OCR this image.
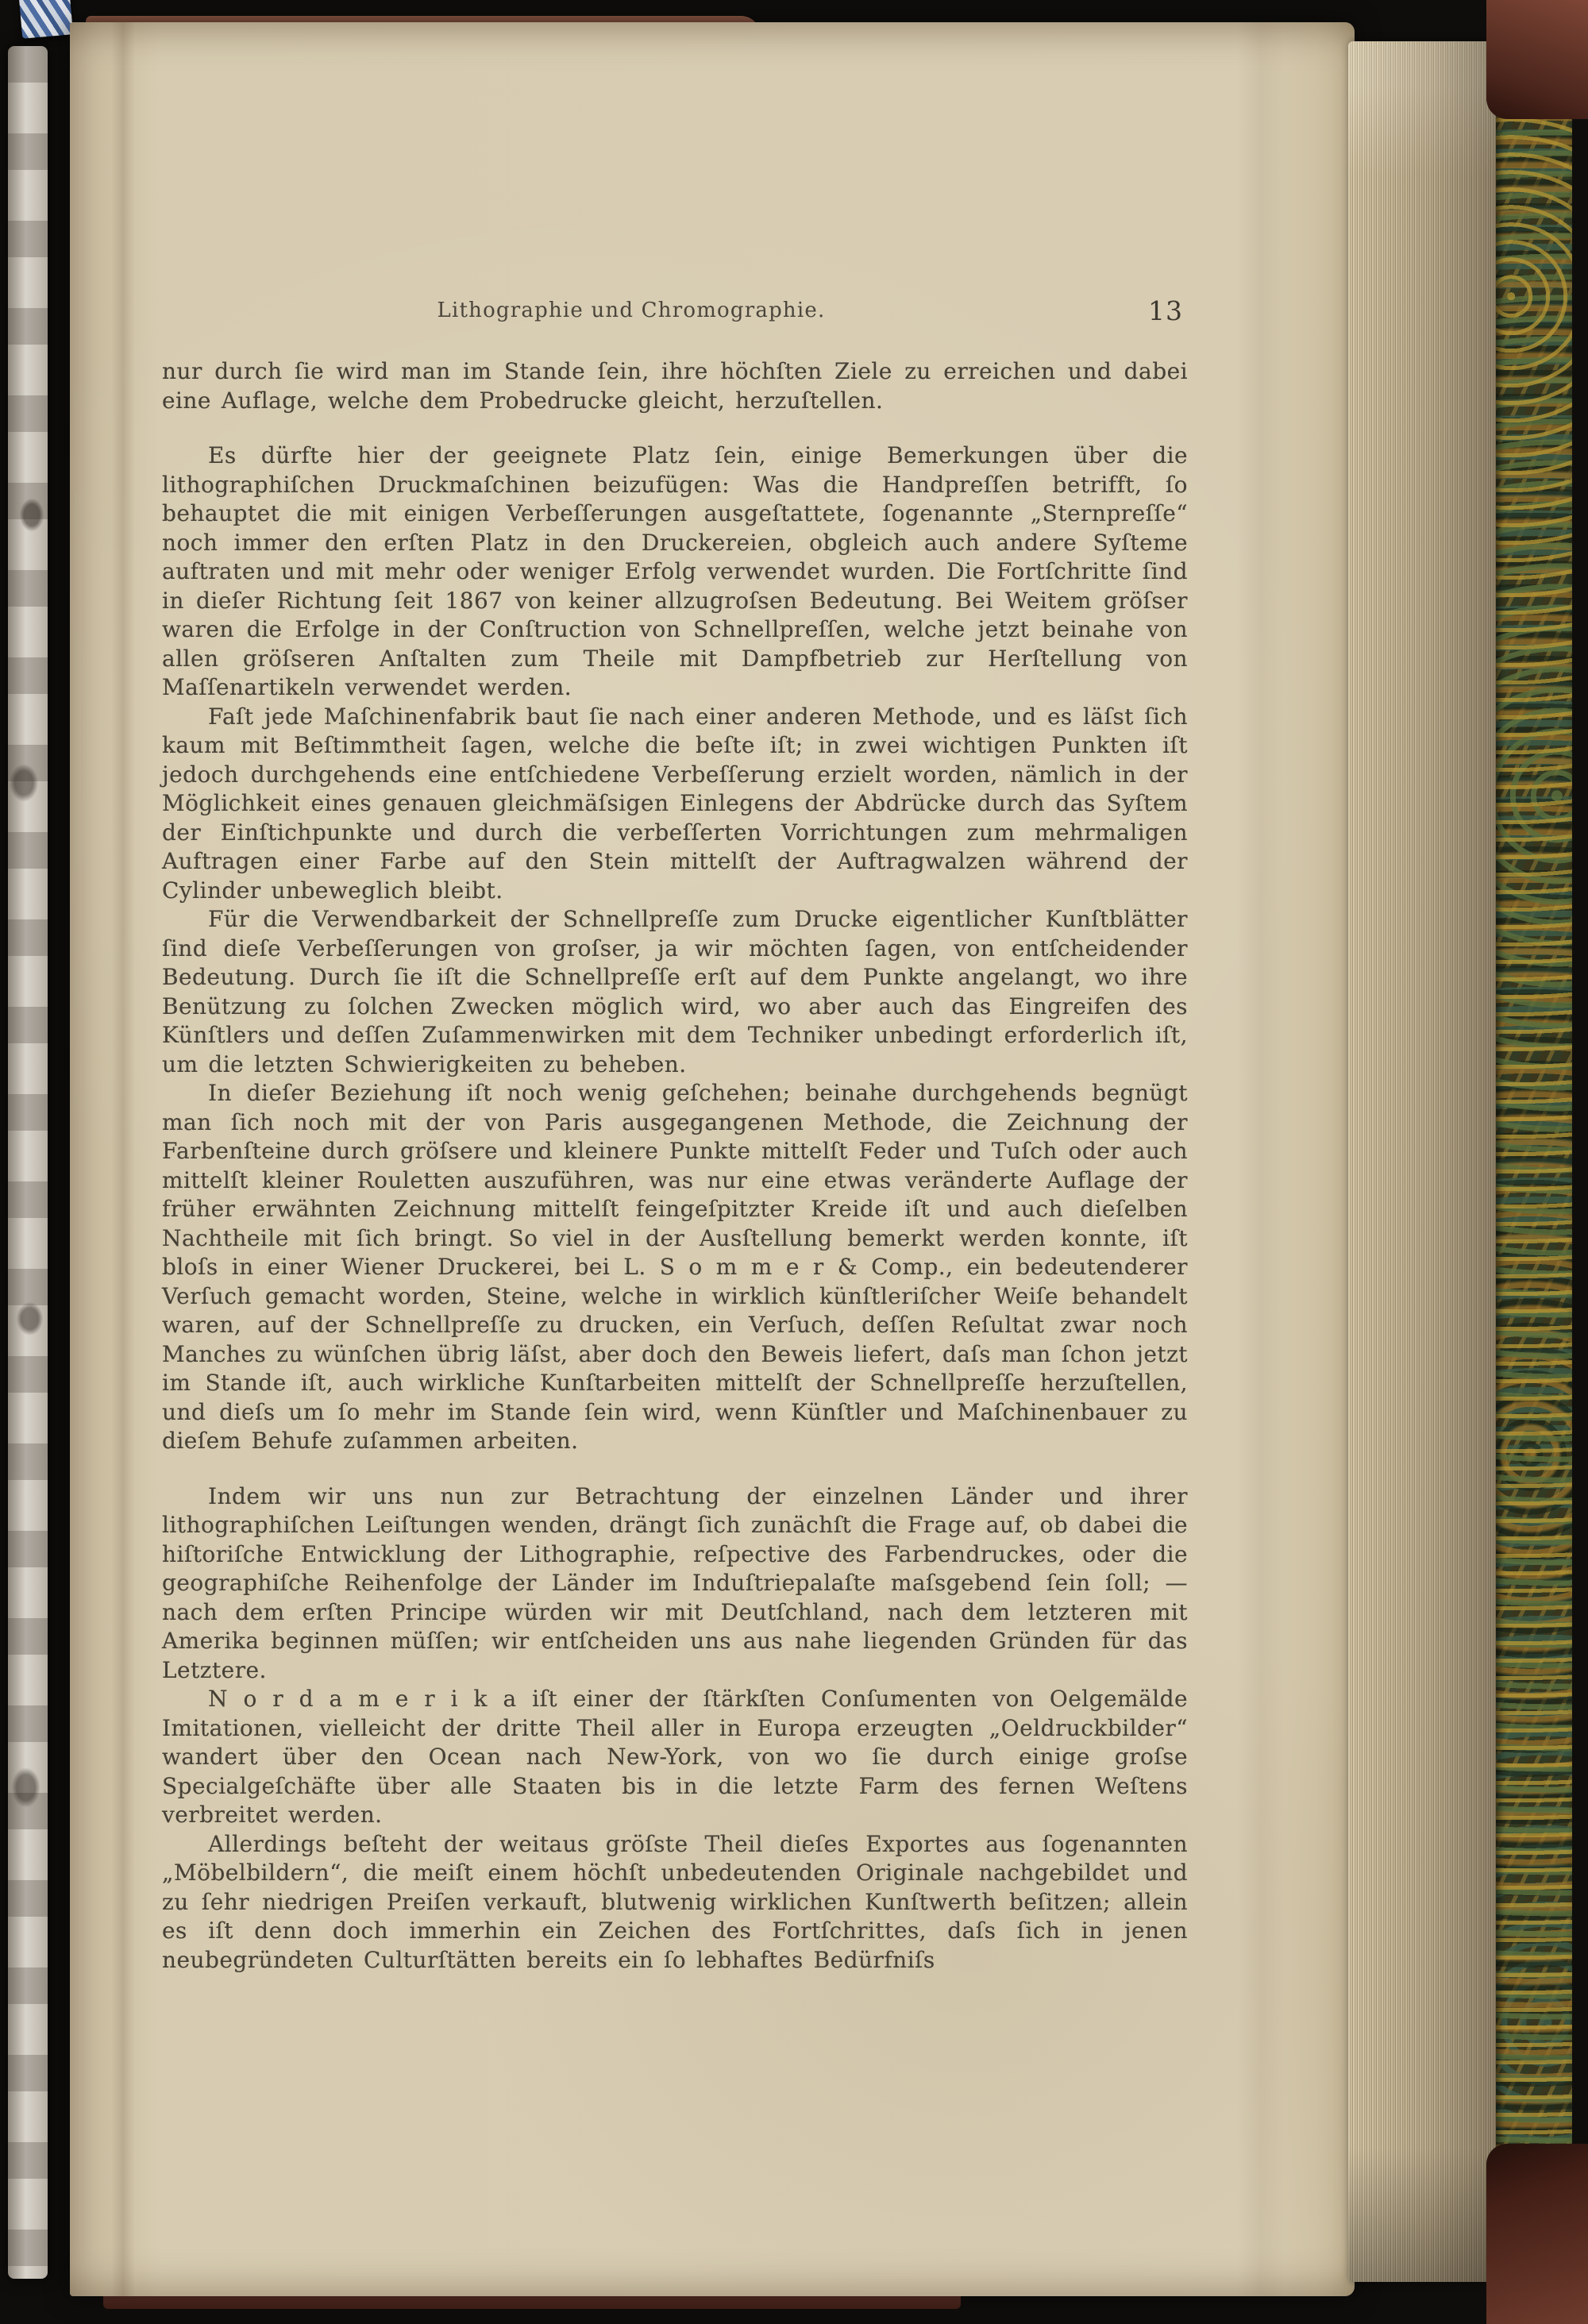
Lithographie und Chromographie.	13

nur durch ſie wird man im Stande ſein, ihre höchſten Ziele zu erreichen und dabei eine Auflage, welche dem Probedrucke gleicht, herzuſtellen.

Es dürfte hier der geeignete Platz ſein, einige Bemerkungen über die lithographiſchen Druckmaſchinen beizufügen: Was die Handpreſſen betrifft, ſo behauptet die mit einigen Verbeſſerungen ausgeſtattete, ſogenannte „Sternpreſſe“ noch immer den erſten Platz in den Druckereien, obgleich auch andere Syſteme auftraten und mit mehr oder weniger Erfolg verwendet wurden. Die Fortſchritte ſind in dieſer Richtung ſeit 1867 von keiner allzugroſsen Bedeutung. Bei Weitem gröſser waren die Erfolge in der Conſtruction von Schnellpreſſen, welche jetzt beinahe von allen gröſseren Anſtalten zum Theile mit Dampfbetrieb zur Herſtellung von Maſſenartikeln verwendet werden.

Faſt jede Maſchinenfabrik baut ſie nach einer anderen Methode, und es läſst ſich kaum mit Beſtimmtheit ſagen, welche die beſte iſt; in zwei wichtigen Punkten iſt jedoch durchgehends eine entſchiedene Verbeſſerung erzielt worden, nämlich in der Möglichkeit eines genauen gleichmäſsigen Einlegens der Abdrücke durch das Syſtem der Einſtichpunkte und durch die verbeſſerten Vorrichtungen zum mehrmaligen Auftragen einer Farbe auf den Stein mittelſt der Auftragwalzen während der Cylinder unbeweglich bleibt.

Für die Verwendbarkeit der Schnellpreſſe zum Drucke eigentlicher Kunſtblätter ſind dieſe Verbeſſerungen von groſser, ja wir möchten ſagen, von entſcheidender Bedeutung. Durch ſie iſt die Schnellpreſſe erſt auf dem Punkte angelangt, wo ihre Benützung zu ſolchen Zwecken möglich wird, wo aber auch das Eingreifen des Künſtlers und deſſen Zuſammenwirken mit dem Techniker unbedingt erforderlich iſt, um die letzten Schwierigkeiten zu beheben.

In dieſer Beziehung iſt noch wenig geſchehen; beinahe durchgehends begnügt man ſich noch mit der von Paris ausgegangenen Methode, die Zeichnung der Farbenſteine durch gröſsere und kleinere Punkte mittelſt Feder und Tuſch oder auch mittelſt kleiner Rouletten auszuführen, was nur eine etwas veränderte Auflage der früher erwähnten Zeichnung mittelſt feingeſpitzter Kreide iſt und auch dieſelben Nachtheile mit ſich bringt. So viel in der Ausſtellung bemerkt werden konnte, iſt bloſs in einer Wiener Druckerei, bei L. S o m m e r & Comp., ein bedeutenderer Verſuch gemacht worden, Steine, welche in wirklich künſtleriſcher Weiſe behandelt waren, auf der Schnellpreſſe zu drucken, ein Verſuch, deſſen Reſultat zwar noch Manches zu wünſchen übrig läſst, aber doch den Beweis liefert, daſs man ſchon jetzt im Stande iſt, auch wirkliche Kunſtarbeiten mittelſt der Schnellpreſſe herzuſtellen, und dieſs um ſo mehr im Stande ſein wird, wenn Künſtler und Maſchinenbauer zu dieſem Behufe zuſammen arbeiten.

Indem wir uns nun zur Betrachtung der einzelnen Länder und ihrer lithographiſchen Leiſtungen wenden, drängt ſich zunächſt die Frage auf, ob dabei die hiſtoriſche Entwicklung der Lithographie, reſpective des Farbendruckes, oder die geographiſche Reihenfolge der Länder im Induſtriepalaſte maſsgebend ſein ſoll; — nach dem erſten Principe würden wir mit Deutſchland, nach dem letzteren mit Amerika beginnen müſſen; wir entſcheiden uns aus nahe liegenden Gründen für das Letztere.

N o r d a m e r i k a iſt einer der ſtärkſten Conſumenten von Oelgemälde Imitationen, vielleicht der dritte Theil aller in Europa erzeugten „Oeldruckbilder“ wandert über den Ocean nach New-York, von wo ſie durch einige groſse Specialgeſchäfte über alle Staaten bis in die letzte Farm des fernen Weſtens verbreitet werden.

Allerdings beſteht der weitaus gröſste Theil dieſes Exportes aus ſogenannten „Möbelbildern“, die meiſt einem höchſt unbedeutenden Originale nachgebildet und zu ſehr niedrigen Preiſen verkauft, blutwenig wirklichen Kunſtwerth beſitzen; allein es iſt denn doch immerhin ein Zeichen des Fortſchrittes, daſs ſich in jenen neubegründeten Culturſtätten bereits ein ſo lebhaftes Bedürfniſs
